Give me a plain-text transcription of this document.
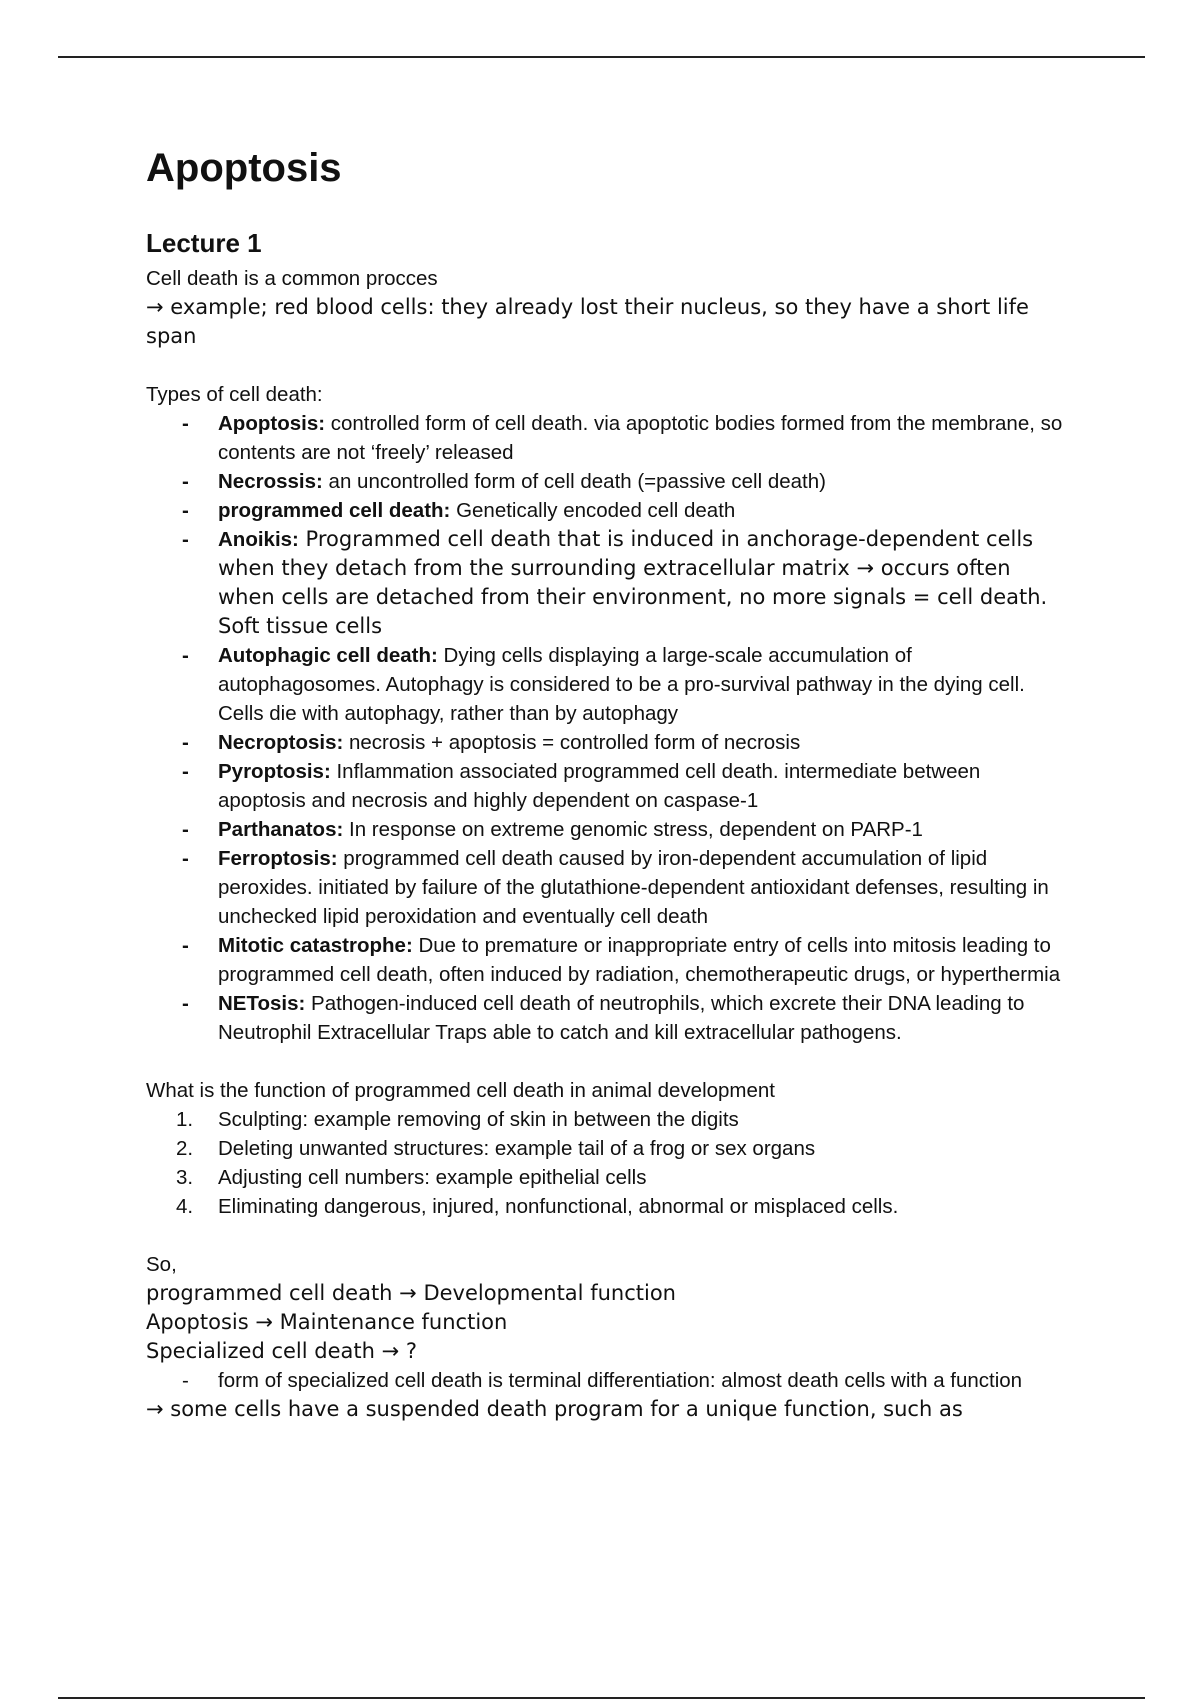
Apoptosis
Lecture 1

Cell death is a common procces

→ example; red blood cells: they already lost their nucleus, so they have a short life span

Types of cell death:

- Apoptosis: controlled form of cell death. via apoptotic bodies formed from the membrane, so contents are not ‘freely’ released
- Necrossis: an uncontrolled form of cell death (=passive cell death)
- programmed cell death: Genetically encoded cell death
- Anoikis: Programmed cell death that is induced in anchorage-dependent cells when they detach from the surrounding extracellular matrix → occurs often when cells are detached from their environment, no more signals = cell death. Soft tissue cells
- Autophagic cell death: Dying cells displaying a large-scale accumulation of autophagosomes. Autophagy is considered to be a pro-survival pathway in the dying cell. Cells die with autophagy, rather than by autophagy
- Necroptosis: necrosis + apoptosis = controlled form of necrosis
- Pyroptosis: Inflammation associated programmed cell death. intermediate between apoptosis and necrosis and highly dependent on caspase-1
- Parthanatos: In response on extreme genomic stress, dependent on PARP-1
- Ferroptosis: programmed cell death caused by iron-dependent accumulation of lipid peroxides. initiated by failure of the glutathione-dependent antioxidant defenses, resulting in unchecked lipid peroxidation and eventually cell death
- Mitotic catastrophe: Due to premature or inappropriate entry of cells into mitosis leading to programmed cell death, often induced by radiation, chemotherapeutic drugs, or hyperthermia
- NETosis: Pathogen-induced cell death of neutrophils, which excrete their DNA leading to Neutrophil Extracellular Traps able to catch and kill extracellular pathogens.

What is the function of programmed cell death in animal development

1. Sculpting: example removing of skin in between the digits
2. Deleting unwanted structures: example tail of a frog or sex organs
3. Adjusting cell numbers: example epithelial cells
4. Eliminating dangerous, injured, nonfunctional, abnormal or misplaced cells.

So,

programmed cell death → Developmental function

Apoptosis → Maintenance function

Specialized cell death → ?

- form of specialized cell death is terminal differentiation: almost death cells with a function

→ some cells have a suspended death program for a unique function, such as
